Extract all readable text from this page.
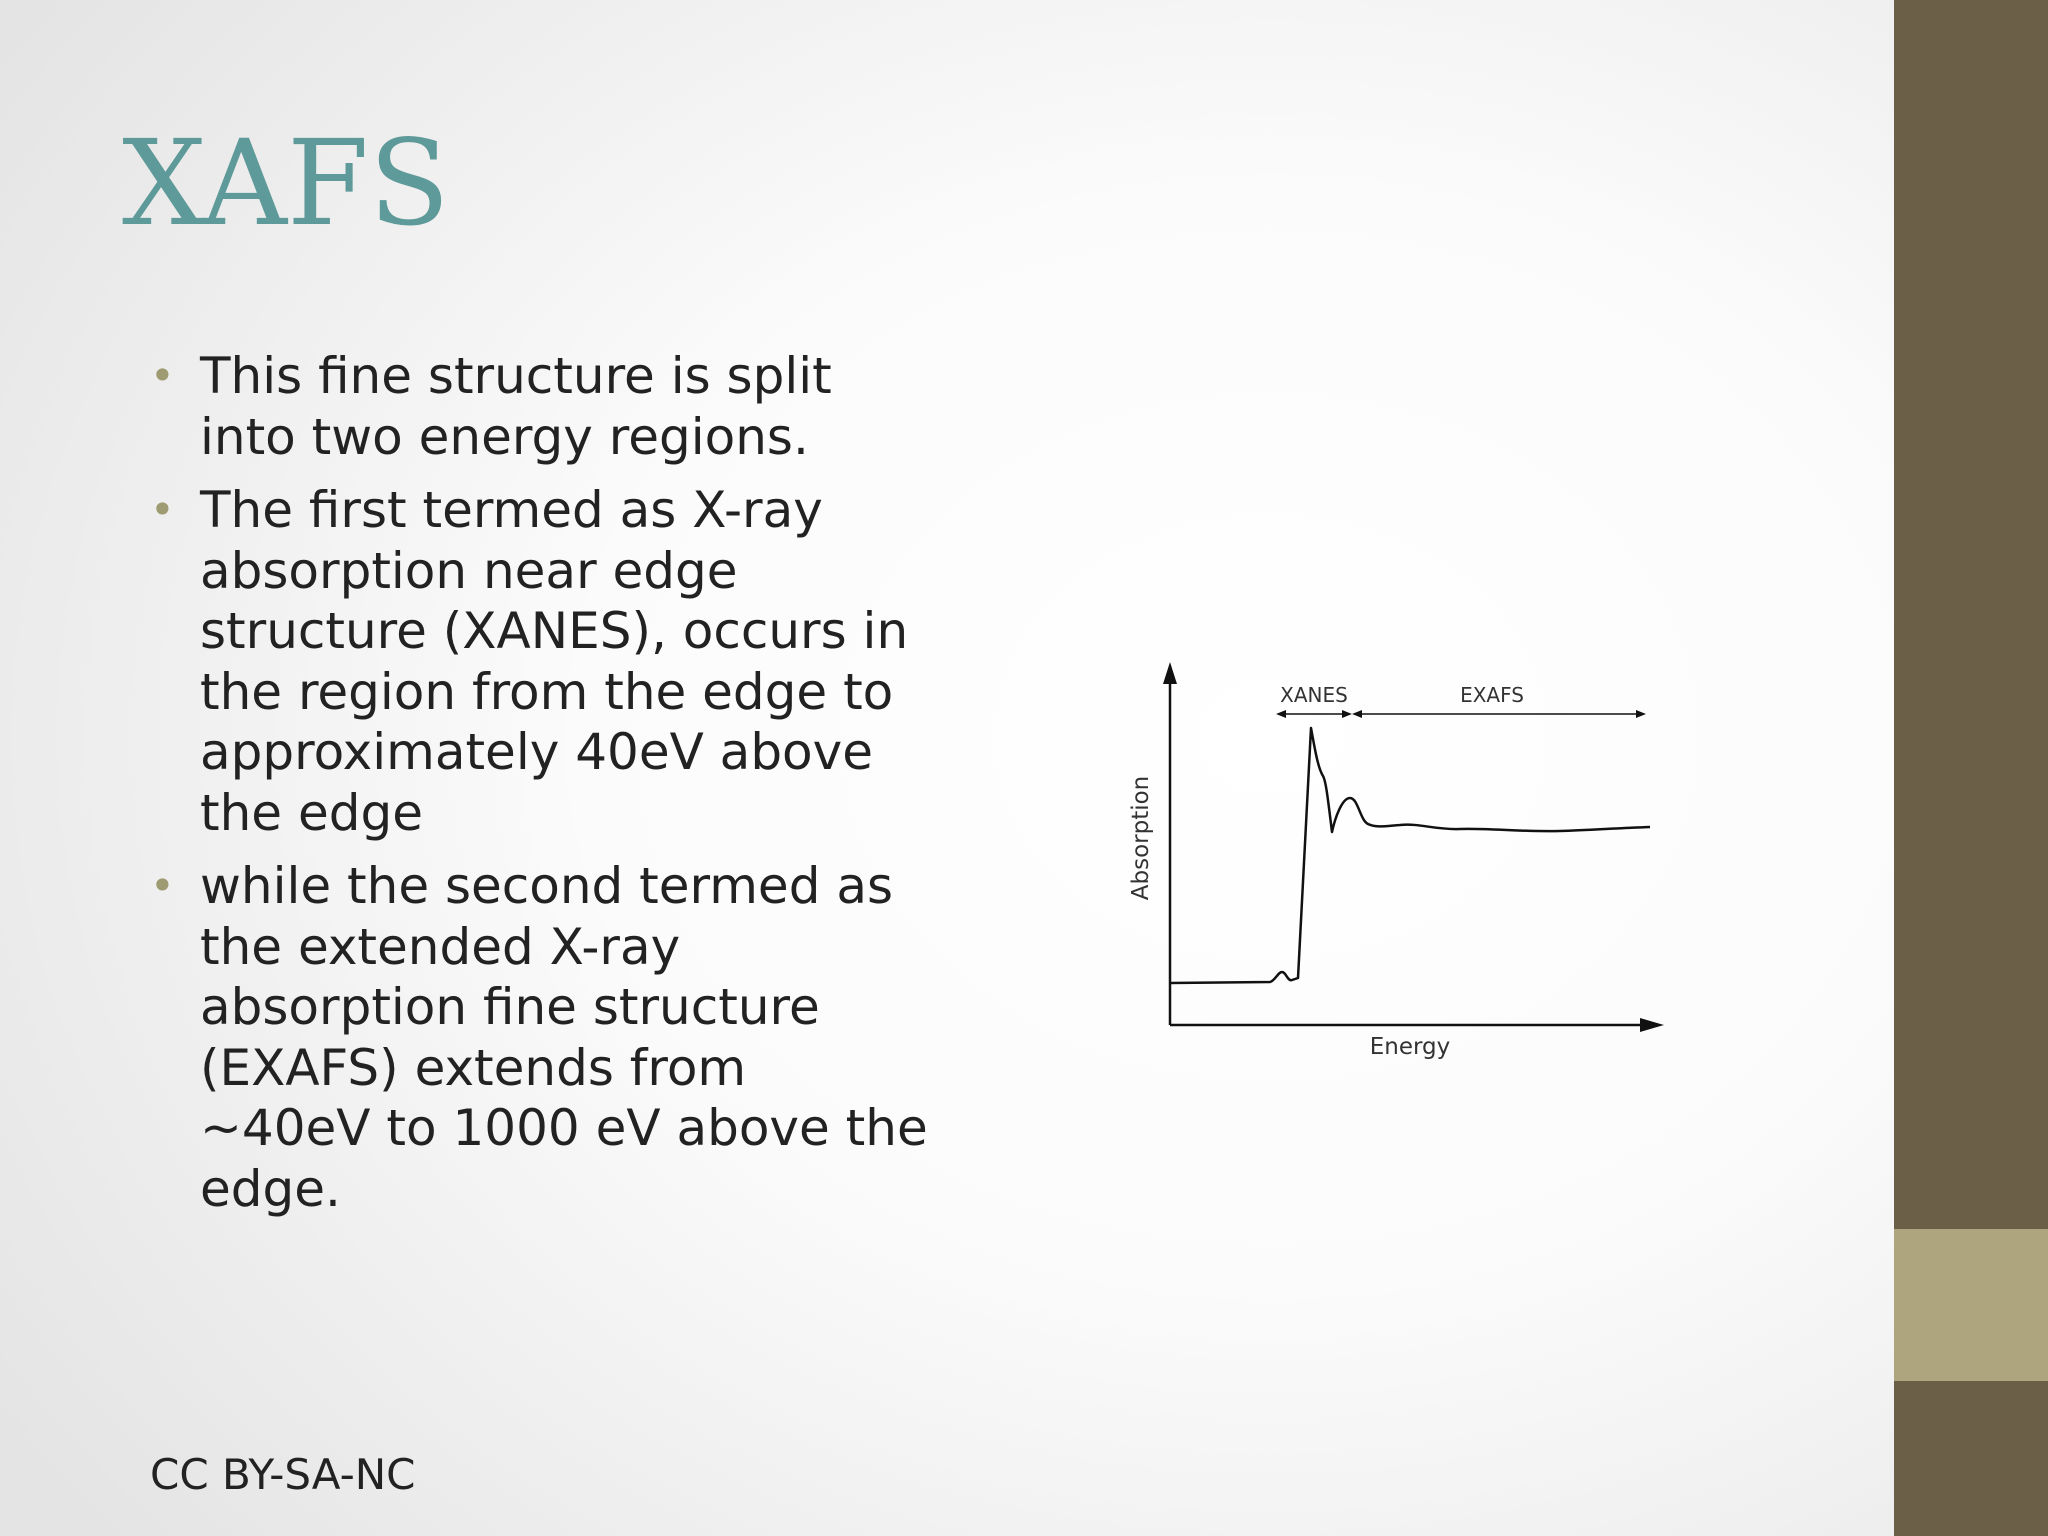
XAFS
• This fine structure is split into two energy regions.
• The first termed as X-ray absorption near edge structure (XANES), occurs in the region from the edge to approximately 40eV above the edge
• while the second termed as the extended X-ray absorption fine structure (EXAFS) extends from ~40eV to 1000 eV above the edge.
XANES	EXAFS
Energy
Absorption
CC BY-SA-NC
